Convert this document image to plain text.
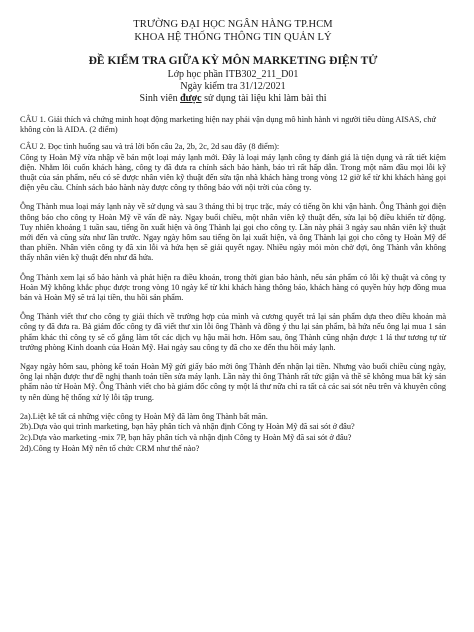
TRƯỜNG ĐẠI HỌC NGÂN HÀNG TP.HCM

KHOA HỆ THỐNG THÔNG TIN QUẢN LÝ

ĐỀ KIỂM TRA GIỮA KỲ MÔN MARKETING ĐIỆN TỬ

Lớp học phần ITB302_211_D01

Ngày kiểm tra 31/12/2021

Sinh viên được sử dụng tài liệu khi làm bài thi

CÂU 1. Giải thích và chứng minh hoạt động marketing hiện nay phải vận dụng mô hình hành vi người tiêu dùng AISAS, chứ không còn là AIDA. (2 điểm)

CÂU 2. Đọc tình huống sau và trả lời bốn câu 2a, 2b, 2c, 2d sau đây (8 điểm):

Công ty Hoàn Mỹ vừa nhập về bán một loại máy lạnh mới. Đây là loại máy lạnh công ty đánh giá là tiện dụng và rất tiết kiệm điện. Nhằm lôi cuốn khách hàng, công ty đã đưa ra chính sách bảo hành, bảo trì rất hấp dẫn. Trong một năm đầu mọi lỗi kỹ thuật của sản phẩm, nếu có sẽ được nhân viên kỹ thuật đến sửa tận nhà khách hàng trong vòng 12 giờ kể từ khi khách hàng gọi điện yêu cầu. Chính sách bảo hành này được công ty thông báo với nội trời của công ty.

Ông Thành mua loại máy lạnh này về sử dụng và sau 3 tháng thì bị trục trặc, máy có tiếng ồn khi vận hành. Ông Thành gọi điện thông báo cho công ty Hoàn Mỹ về vấn đề này. Ngay buổi chiều, một nhân viên kỹ thuật đến, sửa lại bộ điều khiển từ động. Tuy nhiên khoảng 1 tuần sau, tiếng ồn xuất hiện và ông Thành lại gọi cho công ty. Lần này phải 3 ngày sau nhân viên kỹ thuật mới đến và cũng sửa như lần trước. Ngay ngày hôm sau tiếng ồn lại xuất hiện, và ông Thành lại gọi cho công ty Hoàn Mỹ để than phiền. Nhân viên công ty đã xin lỗi và hứa hẹn sẽ giải quyết ngay. Nhiều ngày mỏi mòn chờ đợi, ông Thành vẫn không thấy nhân viên kỹ thuật đến như đã hứa.

Ông Thành xem lại sổ bảo hành và phát hiện ra điều khoản, trong thời gian bảo hành, nếu sản phẩm có lỗi kỹ thuật và công ty Hoàn Mỹ không khắc phục được trong vòng 10 ngày kể từ khi khách hàng thông báo, khách hàng có quyền hủy hợp đồng mua bán và Hoàn Mỹ sẽ trả lại tiền, thu hồi sản phẩm.

Ông Thành viết thư cho công ty giải thích về trường hợp của mình và cương quyết trả lại sản phẩm dựa theo điều khoản mà công ty đã đưa ra. Bà giám đốc công ty đã viết thư xin lỗi ông Thành và đồng ý thu lại sản phẩm, bà hứa nếu ông lại mua 1 sản phẩm khác thì công ty sẽ cố gắng làm tốt các dịch vụ hậu mãi hơn. Hôm sau, ông Thành cũng nhận được 1 lá thư tương tự từ trưởng phòng Kinh doanh của Hoàn Mỹ. Hai ngày sau công ty đã cho xe đến thu hồi máy lạnh.

Ngay ngày hôm sau, phòng kế toán Hoàn Mỹ gửi giấy báo mời ông Thành đến nhận lại tiền. Nhưng vào buổi chiều cùng ngày, ông lại nhận được thư đề nghị thanh toán tiền sửa máy lạnh. Lần này thì ông Thành rất tức giận và thề sẽ không mua bất kỳ sản phẩm nào từ Hoàn Mỹ. Ông Thành viết cho bà giám đốc công ty một lá thư nữa chỉ ra tất cả các sai sót nêu trên và khuyên công ty nên dùng hệ thống xử lý lỗi tập trung.

2a).Liệt kê tất cả những việc công ty Hoàn Mỹ đã làm ông Thành bất mãn.
2b).Dựa vào qui trình marketing, bạn hãy phân tích và nhận định Công ty Hoàn Mỹ đã sai sót ở đâu?
2c).Dựa vào marketing -mix 7P, bạn hãy phân tích và nhận định Công ty Hoàn Mỹ đã sai sót ở đâu?
2d).Công ty Hoàn Mỹ nên tổ chức CRM như thế nào?
